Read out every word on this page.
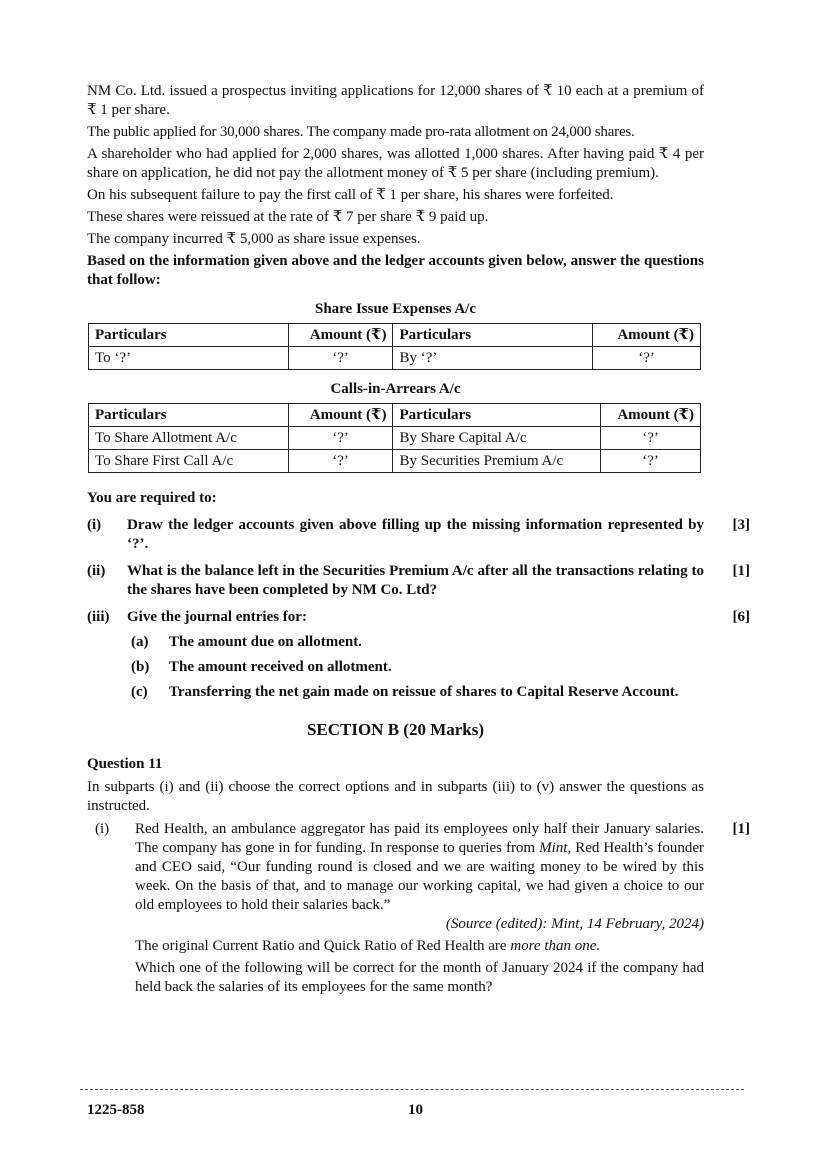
NM Co. Ltd. issued a prospectus inviting applications for 12,000 shares of ₹ 10 each at a premium of ₹ 1 per share.

The public applied for 30,000 shares. The company made pro-rata allotment on 24,000 shares.

A shareholder who had applied for 2,000 shares, was allotted 1,000 shares. After having paid ₹ 4 per share on application, he did not pay the allotment money of ₹ 5 per share (including premium).

On his subsequent failure to pay the first call of ₹ 1 per share, his shares were forfeited.

These shares were reissued at the rate of ₹ 7 per share ₹ 9 paid up.

The company incurred ₹ 5,000 as share issue expenses.

Based on the information given above and the ledger accounts given below, answer the questions that follow:

Share Issue Expenses A/c
Particulars	Amount (₹)	Particulars	Amount (₹)
To ‘?’	‘?’	By ‘?’	‘?’
Calls-in-Arrears A/c
Particulars	Amount (₹)	Particulars	Amount (₹)
To Share Allotment A/c	‘?’	By Share Capital A/c	‘?’
To Share First Call A/c	‘?’	By Securities Premium A/c	‘?’
You are required to:
(i)	Draw the ledger accounts given above filling up the missing information represented by ‘?’.
[3]
(ii)	What is the balance left in the Securities Premium A/c after all the transactions relating to the shares have been completed by NM Co. Ltd?
[1]
(iii)	Give the journal entries for:	[6]
(a)	The amount due on allotment.
(b)	The amount received on allotment.
(c)	Transferring the net gain made on reissue of shares to Capital Reserve Account.
SECTION B (20 Marks)
Question 11

In subparts (i) and (ii) choose the correct options and in subparts (iii) to (v) answer the questions as instructed.

(i)	Red Health, an ambulance aggregator has paid its employees only half their January salaries. The company has gone in for funding. In response to queries from Mint, Red Health’s founder and CEO said, “Our funding round is closed and we are waiting money to be wired by this week. On the basis of that, and to manage our working capital, we had given a choice to our old employees to hold their salaries back.”
[1]
(Source (edited): Mint, 14 February, 2024)

The original Current Ratio and Quick Ratio of Red Health are more than one.

Which one of the following will be correct for the month of January 2024 if the company had held back the salaries of its employees for the same month?

1225-858	10
